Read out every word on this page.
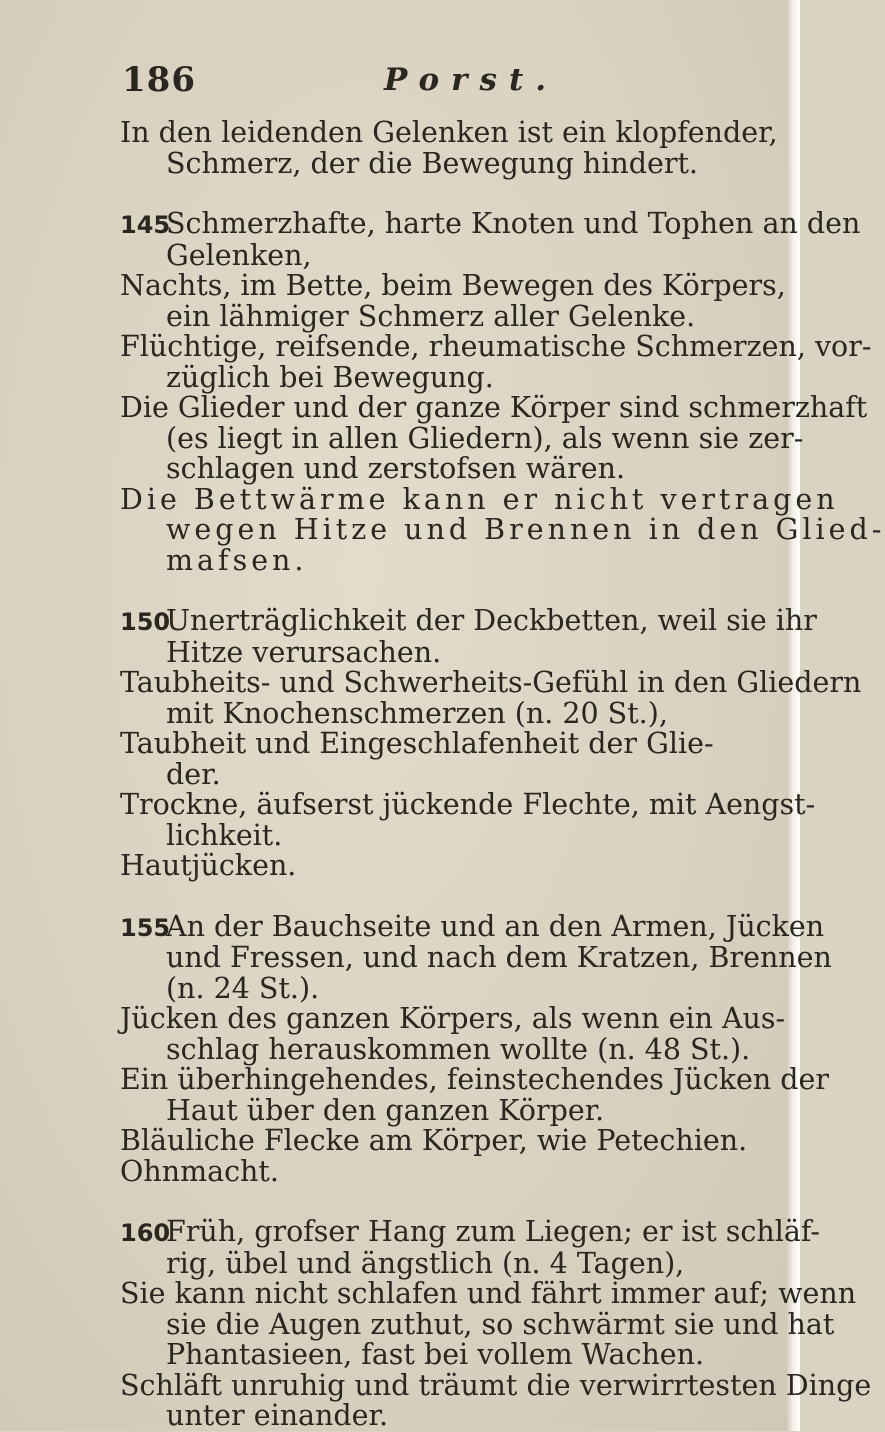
186	Porst.
In den leidenden Gelenken ist ein klopfender,
Schmerz, der die Bewegung hindert.
145Schmerzhafte, harte Knoten und Tophen an den
Gelenken,
Nachts, im Bette, beim Bewegen des Körpers,
ein lähmiger Schmerz aller Gelenke.
Flüchtige, reifsende, rheumatische Schmerzen, vor-
züglich bei Bewegung.
Die Glieder und der ganze Körper sind schmerzhaft
(es liegt in allen Gliedern), als wenn sie zer-
schlagen und zerstofsen wären.
Die Bettwärme kann er nicht vertragen
wegen Hitze und Brennen in den Glied-
mafsen.
150Unerträglichkeit der Deckbetten, weil sie ihr
Hitze verursachen.
Taubheits- und Schwerheits-Gefühl in den Gliedern
mit Knochenschmerzen (n. 20 St.),
Taubheit und Eingeschlafenheit der Glie-
der.
Trockne, äufserst jückende Flechte, mit Aengst-
lichkeit.
Hautjücken.
155An der Bauchseite und an den Armen, Jücken
und Fressen, und nach dem Kratzen, Brennen
(n. 24 St.).
Jücken des ganzen Körpers, als wenn ein Aus-
schlag herauskommen wollte (n. 48 St.).
Ein überhingehendes, feinstechendes Jücken der
Haut über den ganzen Körper.
Bläuliche Flecke am Körper, wie Petechien.
Ohnmacht.
160Früh, grofser Hang zum Liegen; er ist schläf-
rig, übel und ängstlich (n. 4 Tagen),
Sie kann nicht schlafen und fährt immer auf; wenn
sie die Augen zuthut, so schwärmt sie und hat
Phantasieen, fast bei vollem Wachen.
Schläft unruhig und träumt die verwirrtesten Dinge
unter einander.
